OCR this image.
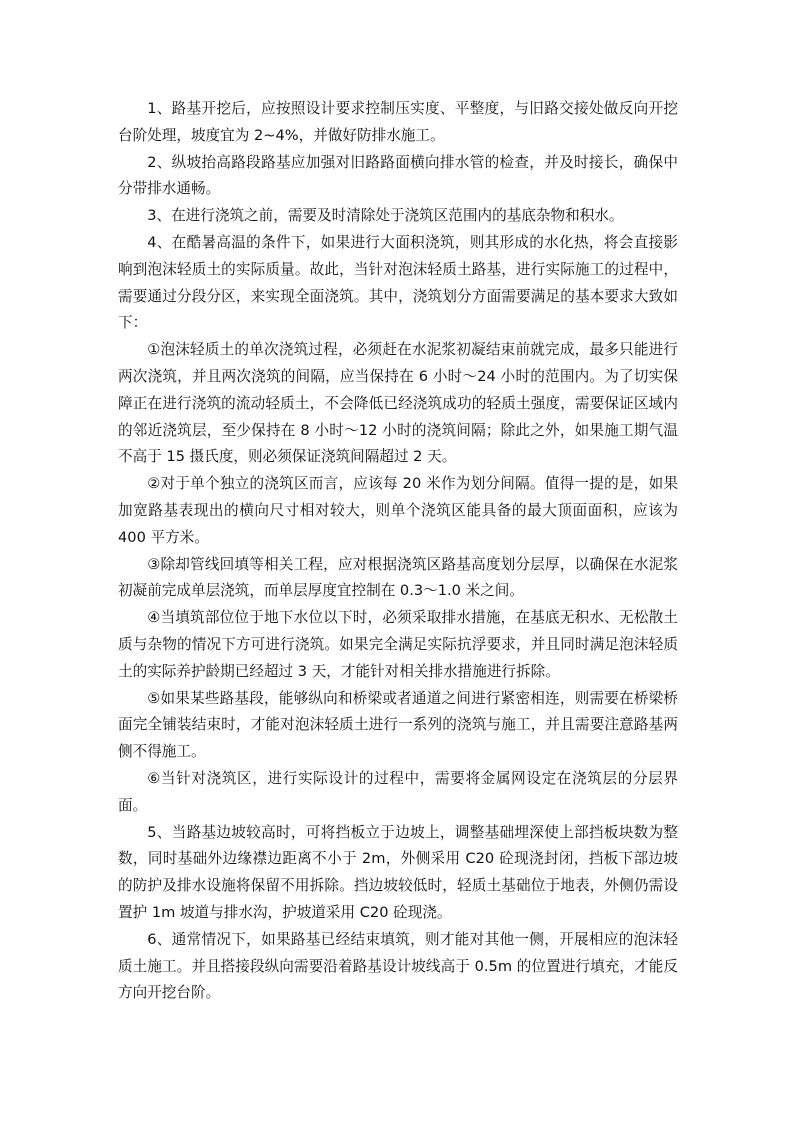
1、路基开挖后，应按照设计要求控制压实度、平整度，与旧路交接处做反向开挖台阶处理，坡度宜为 2~4%，并做好防排水施工。

2、纵坡抬高路段路基应加强对旧路路面横向排水管的检查，并及时接长，确保中分带排水通畅。

3、在进行浇筑之前，需要及时清除处于浇筑区范围内的基底杂物和积水。

4、在酷暑高温的条件下，如果进行大面积浇筑，则其形成的水化热，将会直接影响到泡沫轻质土的实际质量。故此，当针对泡沫轻质土路基，进行实际施工的过程中，需要通过分段分区，来实现全面浇筑。其中，浇筑划分方面需要满足的基本要求大致如下：

①泡沫轻质土的单次浇筑过程，必须赶在水泥浆初凝结束前就完成，最多只能进行两次浇筑，并且两次浇筑的间隔，应当保持在 6 小时～24 小时的范围内。为了切实保障正在进行浇筑的流动轻质土，不会降低已经浇筑成功的轻质土强度，需要保证区域内的邻近浇筑层，至少保持在 8 小时～12 小时的浇筑间隔；除此之外，如果施工期气温不高于 15 摄氏度，则必须保证浇筑间隔超过 2 天。

②对于单个独立的浇筑区而言，应该每 20 米作为划分间隔。值得一提的是，如果加宽路基表现出的横向尺寸相对较大，则单个浇筑区能具备的最大顶面面积，应该为 400 平方米。

③除却管线回填等相关工程，应对根据浇筑区路基高度划分层厚，以确保在水泥浆初凝前完成单层浇筑，而单层厚度宜控制在 0.3～1.0 米之间。

④当填筑部位位于地下水位以下时，必须采取排水措施，在基底无积水、无松散土质与杂物的情况下方可进行浇筑。如果完全满足实际抗浮要求，并且同时满足泡沫轻质土的实际养护龄期已经超过 3 天，才能针对相关排水措施进行拆除。

⑤如果某些路基段，能够纵向和桥梁或者通道之间进行紧密相连，则需要在桥梁桥面完全铺装结束时，才能对泡沫轻质土进行一系列的浇筑与施工，并且需要注意路基两侧不得施工。

⑥当针对浇筑区，进行实际设计的过程中，需要将金属网设定在浇筑层的分层界面。

5、当路基边坡较高时，可将挡板立于边坡上，调整基础埋深使上部挡板块数为整数，同时基础外边缘襟边距离不小于 2m，外侧采用 C20 砼现浇封闭，挡板下部边坡的防护及排水设施将保留不用拆除。挡边坡较低时，轻质土基础位于地表，外侧仍需设置护 1m 坡道与排水沟，护坡道采用 C20 砼现浇。

6、通常情况下，如果路基已经结束填筑，则才能对其他一侧，开展相应的泡沫轻质土施工。并且搭接段纵向需要沿着路基设计坡线高于 0.5m 的位置进行填充，才能反方向开挖台阶。
